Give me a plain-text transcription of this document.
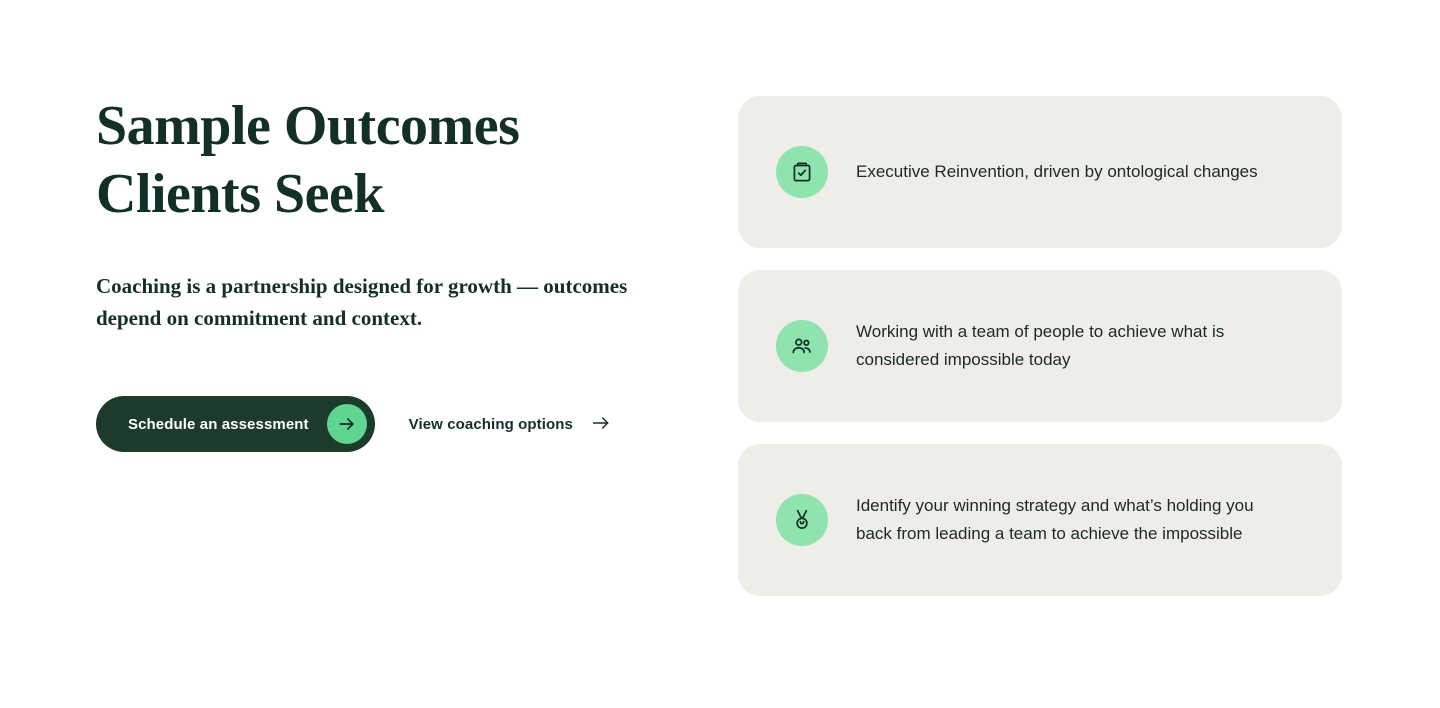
Sample Outcomes Clients Seek

Coaching is a partnership designed for growth — outcomes depend on commitment and context.

Schedule an assessment	View coaching options
Executive Reinvention, driven by ontological changes
Working with a team of people to achieve what is considered impossible today
Identify your winning strategy and what’s holding you back from leading a team to achieve the impossible
